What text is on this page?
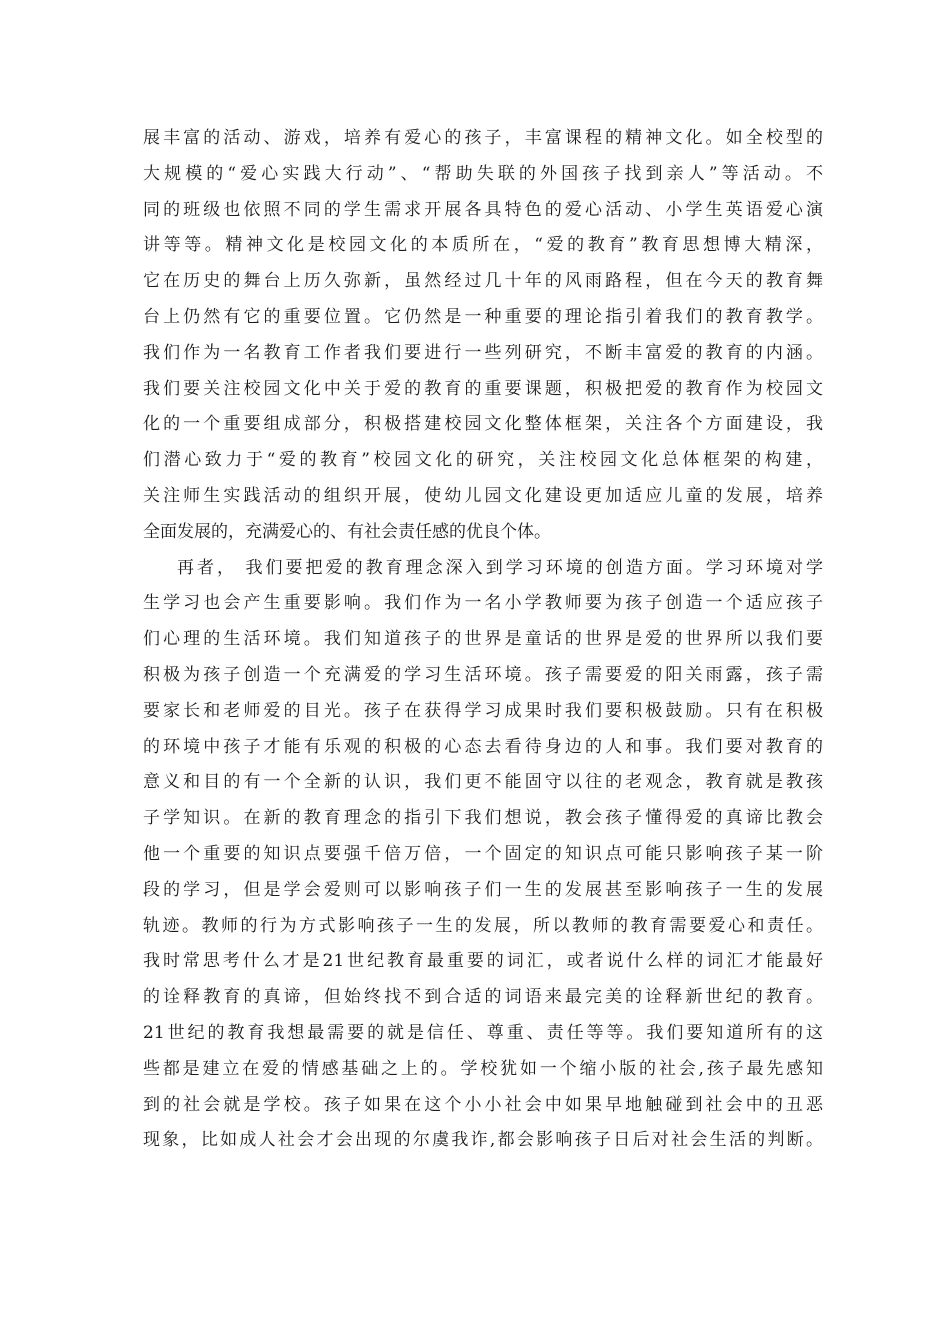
展丰富的活动、游戏，培养有爱心的孩子，丰富课程的精神文化。如全校型的
大规模的“爱心实践大行动”、“帮助失联的外国孩子找到亲人”等活动。不
同的班级也依照不同的学生需求开展各具特色的爱心活动、小学生英语爱心演
讲等等。精神文化是校园文化的本质所在，“爱的教育”教育思想博大精深，
它在历史的舞台上历久弥新，虽然经过几十年的风雨路程，但在今天的教育舞
台上仍然有它的重要位置。它仍然是一种重要的理论指引着我们的教育教学。
我们作为一名教育工作者我们要进行一些列研究，不断丰富爱的教育的内涵。
我们要关注校园文化中关于爱的教育的重要课题，积极把爱的教育作为校园文
化的一个重要组成部分，积极搭建校园文化整体框架，关注各个方面建设，我
们潜心致力于“爱的教育”校园文化的研究，关注校园文化总体框架的构建，
关注师生实践活动的组织开展，使幼儿园文化建设更加适应儿童的发展，培养
全面发展的，充满爱心的、有社会责任感的优良个体。
再者， 我们要把爱的教育理念深入到学习环境的创造方面。学习环境对学
生学习也会产生重要影响。我们作为一名小学教师要为孩子创造一个适应孩子
们心理的生活环境。我们知道孩子的世界是童话的世界是爱的世界所以我们要
积极为孩子创造一个充满爱的学习生活环境。孩子需要爱的阳关雨露，孩子需
要家长和老师爱的目光。孩子在获得学习成果时我们要积极鼓励。只有在积极
的环境中孩子才能有乐观的积极的心态去看待身边的人和事。我们要对教育的
意义和目的有一个全新的认识，我们更不能固守以往的老观念，教育就是教孩
子学知识。在新的教育理念的指引下我们想说，教会孩子懂得爱的真谛比教会
他一个重要的知识点要强千倍万倍，一个固定的知识点可能只影响孩子某一阶
段的学习，但是学会爱则可以影响孩子们一生的发展甚至影响孩子一生的发展
轨迹。教师的行为方式影响孩子一生的发展，所以教师的教育需要爱心和责任。
我时常思考什么才是21世纪教育最重要的词汇，或者说什么样的词汇才能最好
的诠释教育的真谛，但始终找不到合适的词语来最完美的诠释新世纪的教育。
21世纪的教育我想最需要的就是信任、尊重、责任等等。我们要知道所有的这
些都是建立在爱的情感基础之上的。学校犹如一个缩小版的社会,孩子最先感知
到的社会就是学校。孩子如果在这个小小社会中如果早地触碰到社会中的丑恶
现象，比如成人社会才会出现的尔虞我诈,都会影响孩子日后对社会生活的判断。
